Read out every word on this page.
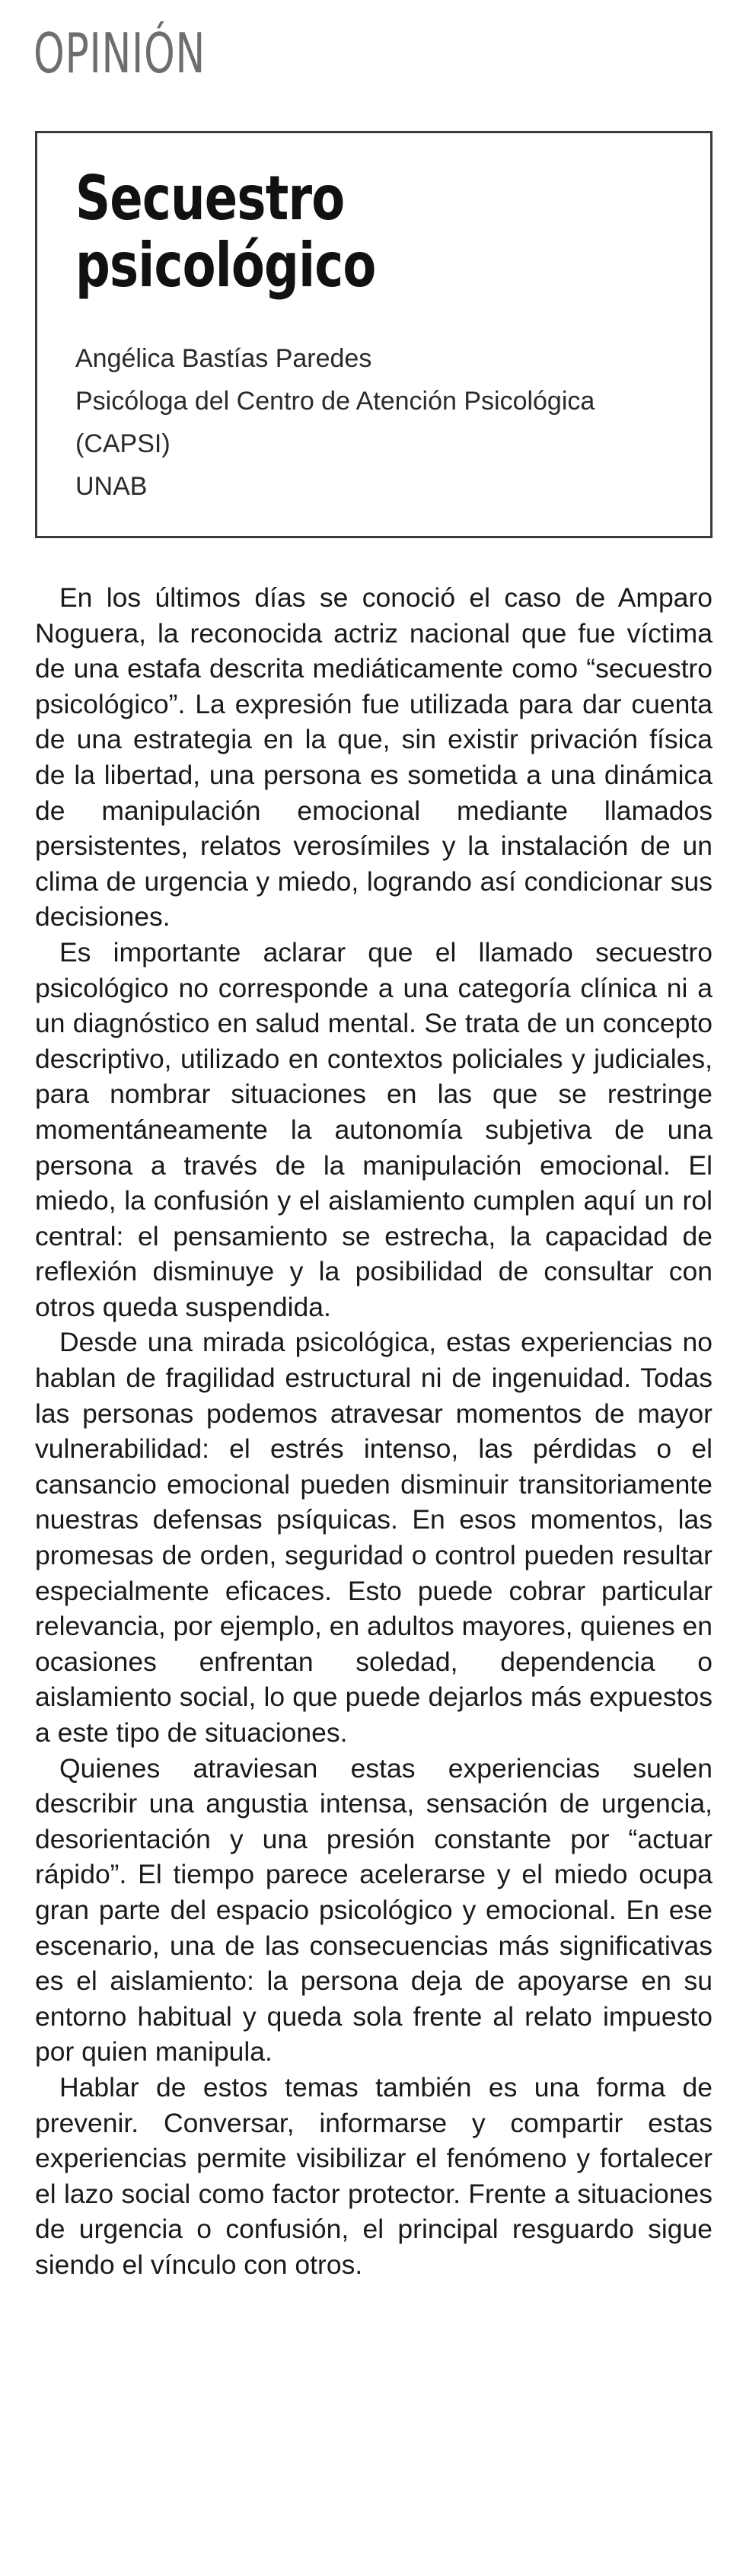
OPINIÓN
Secuestro psicológico
Angélica Bastías Paredes
Psicóloga del Centro de Atención Psicológica
(CAPSI)
UNAB

En los últimos días se conoció el caso de Amparo Noguera, la reconocida actriz nacional que fue víctima de una estafa descrita mediáticamente como “secuestro psicológico”. La expresión fue utilizada para dar cuenta de una estrategia en la que, sin existir privación física de la libertad, una persona es sometida a una dinámica de manipulación emocional mediante llamados persistentes, relatos verosímiles y la instalación de un clima de urgencia y miedo, logrando así condicionar sus decisiones.

Es importante aclarar que el llamado secuestro psicológico no corresponde a una categoría clínica ni a un diagnóstico en salud mental. Se trata de un concepto descriptivo, utilizado en contextos policiales y judiciales, para nombrar situaciones en las que se restringe momentáneamente la autonomía subjetiva de una persona a través de la manipulación emocional. El miedo, la confusión y el aislamiento cumplen aquí un rol central: el pensamiento se estrecha, la capacidad de reflexión disminuye y la posibilidad de consultar con otros queda suspendida.

Desde una mirada psicológica, estas experiencias no hablan de fragilidad estructural ni de ingenuidad. Todas las personas podemos atravesar momentos de mayor vulnerabilidad: el estrés intenso, las pérdidas o el cansancio emocional pueden disminuir transitoriamente nuestras defensas psíquicas. En esos momentos, las promesas de orden, seguridad o control pueden resultar especialmente eficaces. Esto puede cobrar particular relevancia, por ejemplo, en adultos mayores, quienes en ocasiones enfrentan soledad, dependencia o aislamiento social, lo que puede dejarlos más expuestos a este tipo de situaciones.

Quienes atraviesan estas experiencias suelen describir una angustia intensa, sensación de urgencia, desorientación y una presión constante por “actuar rápido”. El tiempo parece acelerarse y el miedo ocupa gran parte del espacio psicológico y emocional. En ese escenario, una de las consecuencias más significativas es el aislamiento: la persona deja de apoyarse en su entorno habitual y queda sola frente al relato impuesto por quien manipula.

Hablar de estos temas también es una forma de prevenir. Conversar, informarse y compartir estas experiencias permite visibilizar el fenómeno y fortalecer el lazo social como factor protector. Frente a situaciones de urgencia o confusión, el principal resguardo sigue siendo el vínculo con otros.
